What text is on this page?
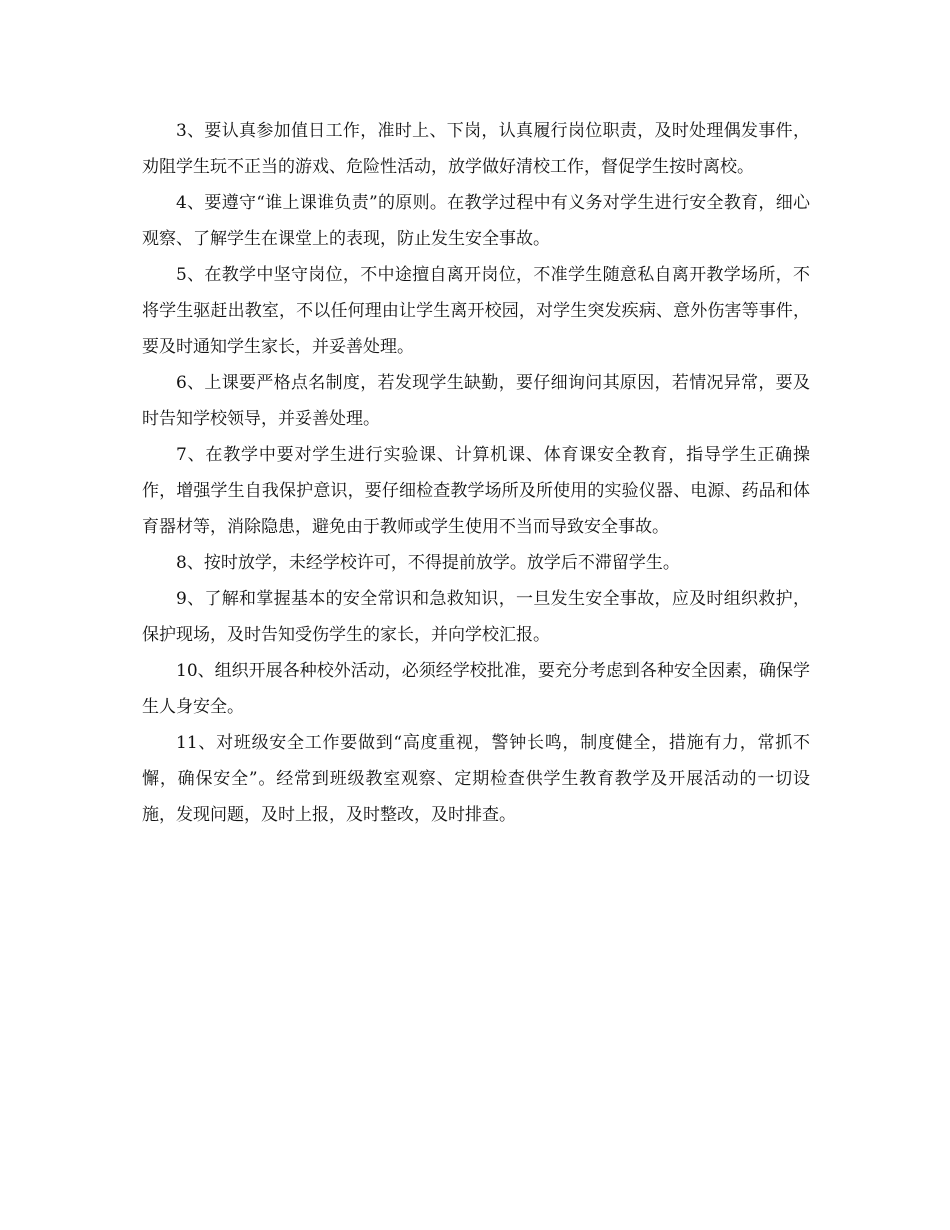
3、要认真参加值日工作，准时上、下岗，认真履行岗位职责，及时处理偶发事件，劝阻学生玩不正当的游戏、危险性活动，放学做好清校工作，督促学生按时离校。

4、要遵守“谁上课谁负责”的原则。在教学过程中有义务对学生进行安全教育，细心观察、了解学生在课堂上的表现，防止发生安全事故。

5、在教学中坚守岗位，不中途擅自离开岗位，不准学生随意私自离开教学场所，不将学生驱赶出教室，不以任何理由让学生离开校园，对学生突发疾病、意外伤害等事件，要及时通知学生家长，并妥善处理。

6、上课要严格点名制度，若发现学生缺勤，要仔细询问其原因，若情况异常，要及时告知学校领导，并妥善处理。

7、在教学中要对学生进行实验课、计算机课、体育课安全教育，指导学生正确操作，增强学生自我保护意识，要仔细检查教学场所及所使用的实验仪器、电源、药品和体育器材等，消除隐患，避免由于教师或学生使用不当而导致安全事故。

8、按时放学，未经学校许可，不得提前放学。放学后不滞留学生。

9、了解和掌握基本的安全常识和急救知识，一旦发生安全事故，应及时组织救护，保护现场，及时告知受伤学生的家长，并向学校汇报。

10、组织开展各种校外活动，必须经学校批准，要充分考虑到各种安全因素，确保学生人身安全。

11、对班级安全工作要做到“高度重视，警钟长鸣，制度健全，措施有力，常抓不懈，确保安全”。经常到班级教室观察、定期检查供学生教育教学及开展活动的一切设施，发现问题，及时上报，及时整改，及时排查。
